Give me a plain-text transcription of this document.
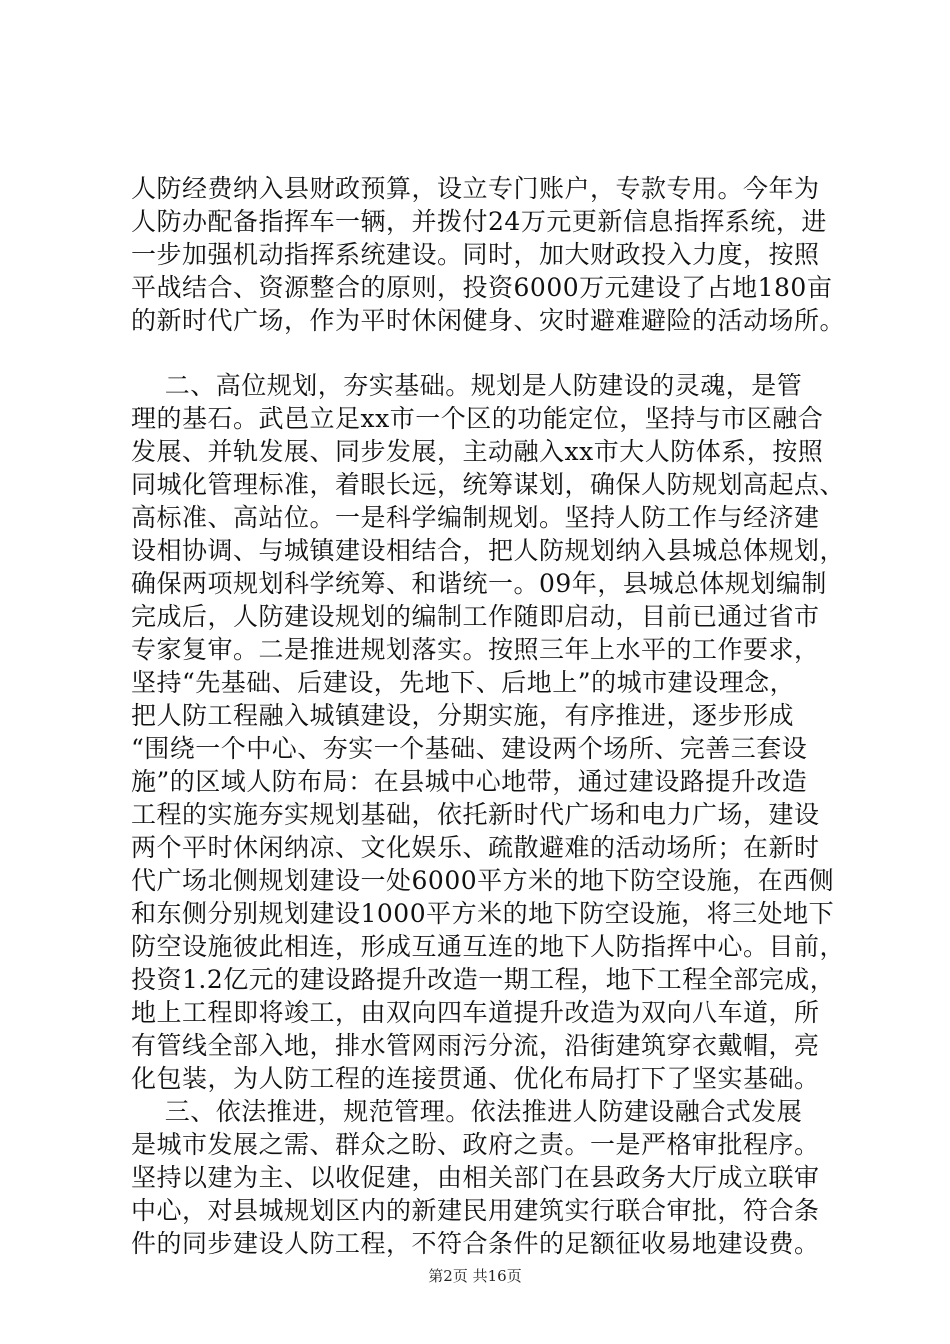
人防经费纳入县财政预算，设立专门账户，专款专用。今年为
人防办配备指挥车一辆，并拨付24万元更新信息指挥系统，进
一步加强机动指挥系统建设。同时，加大财政投入力度，按照
平战结合、资源整合的原则，投资6000万元建设了占地180亩
的新时代广场，作为平时休闲健身、灾时避难避险的活动场所。
二、高位规划，夯实基础。规划是人防建设的灵魂，是管
理的基石。武邑立足xx市一个区的功能定位，坚持与市区融合
发展、并轨发展、同步发展，主动融入xx市大人防体系，按照
同城化管理标准，着眼长远，统筹谋划，确保人防规划高起点、
高标准、高站位。一是科学编制规划。坚持人防工作与经济建
设相协调、与城镇建设相结合，把人防规划纳入县城总体规划，
确保两项规划科学统筹、和谐统一。09年，县城总体规划编制
完成后，人防建设规划的编制工作随即启动，目前已通过省市
专家复审。二是推进规划落实。按照三年上水平的工作要求，
坚持“先基础、后建设，先地下、后地上”的城市建设理念，
把人防工程融入城镇建设，分期实施，有序推进，逐步形成
“围绕一个中心、夯实一个基础、建设两个场所、完善三套设
施”的区域人防布局：在县城中心地带，通过建设路提升改造
工程的实施夯实规划基础，依托新时代广场和电力广场，建设
两个平时休闲纳凉、文化娱乐、疏散避难的活动场所；在新时
代广场北侧规划建设一处6000平方米的地下防空设施，在西侧
和东侧分别规划建设1000平方米的地下防空设施，将三处地下
防空设施彼此相连，形成互通互连的地下人防指挥中心。目前，
投资1.2亿元的建设路提升改造一期工程，地下工程全部完成，
地上工程即将竣工，由双向四车道提升改造为双向八车道，所
有管线全部入地，排水管网雨污分流，沿街建筑穿衣戴帽，亮
化包装，为人防工程的连接贯通、优化布局打下了坚实基础。
三、依法推进，规范管理。依法推进人防建设融合式发展
是城市发展之需、群众之盼、政府之责。一是严格审批程序。
坚持以建为主、以收促建，由相关部门在县政务大厅成立联审
中心，对县城规划区内的新建民用建筑实行联合审批，符合条
件的同步建设人防工程，不符合条件的足额征收易地建设费。
第2页 共16页
